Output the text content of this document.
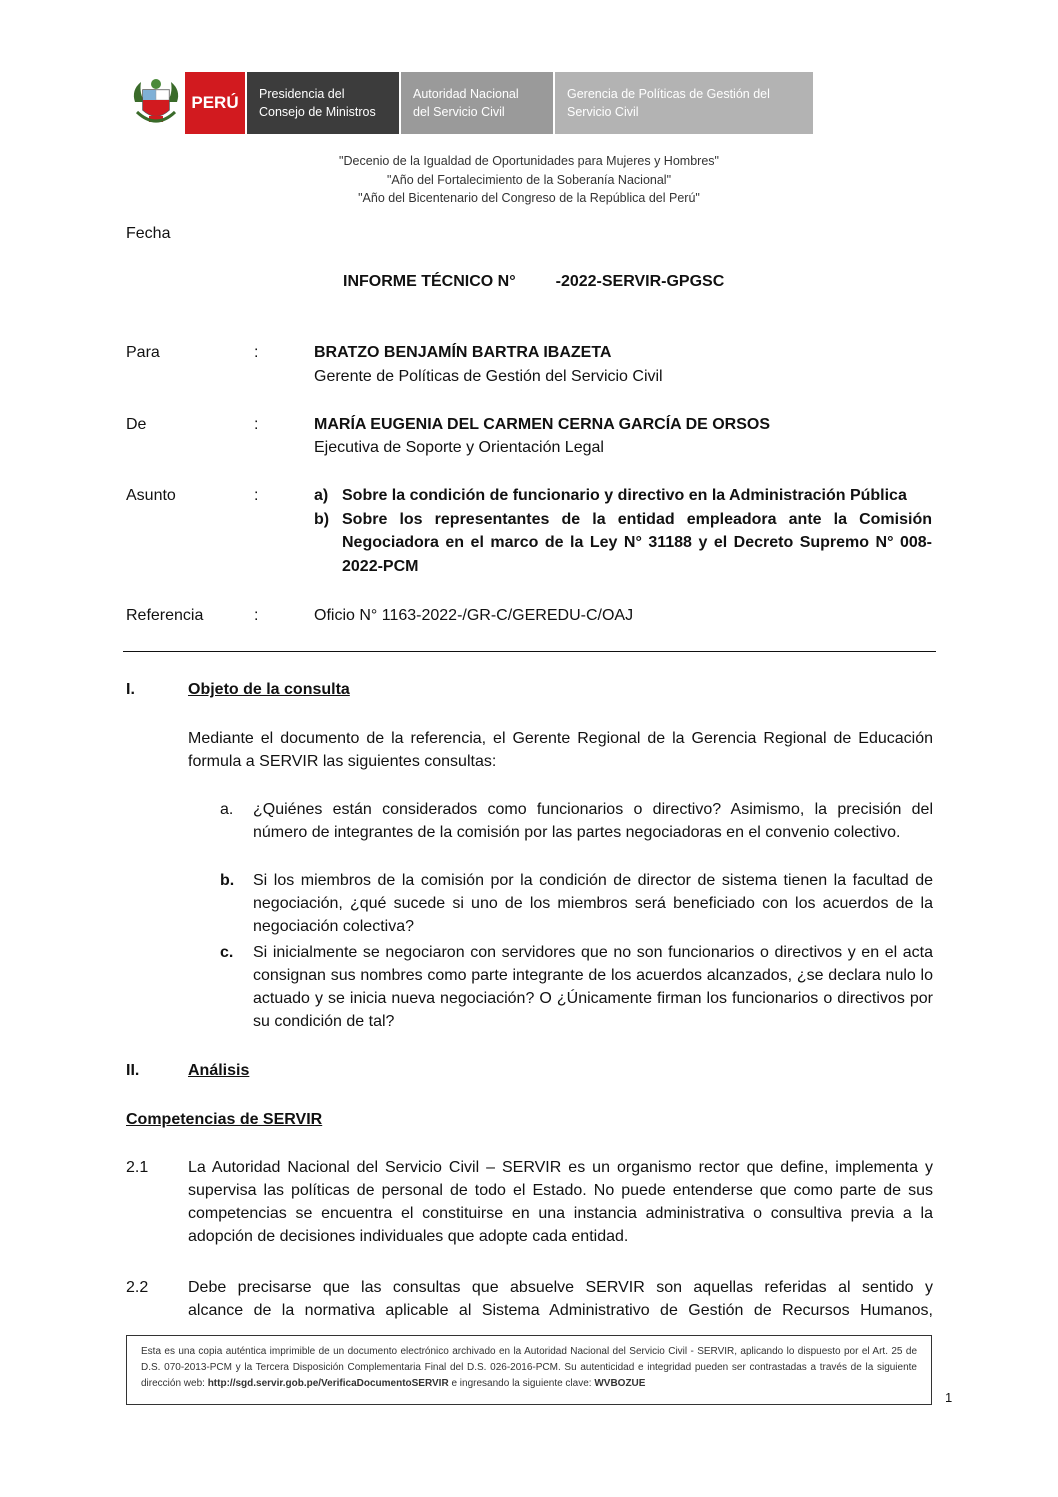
PERÚ	Presidencia del
Consejo de Ministros
Autoridad Nacional
del Servicio Civil
Gerencia de Políticas de Gestión del
Servicio Civil
"Decenio de la Igualdad de Oportunidades para Mujeres y Hombres"
"Año del Fortalecimiento de la Soberanía Nacional"
"Año del Bicentenario del Congreso de la República del Perú"
Fecha
INFORME TÉCNICO N°	-2022-SERVIR-GPGSC
Para	:	BRATZO BENJAMÍN BARTRA IBAZETA
Gerente de Políticas de Gestión del Servicio Civil
De	:	MARÍA EUGENIA DEL CARMEN CERNA GARCÍA DE ORSOS
Ejecutiva de Soporte y Orientación Legal
Asunto	:	a) Sobre la condición de funcionario y directivo en la Administración Pública
b) Sobre los representantes de la entidad empleadora ante la Comisión
Negociadora en el marco de la Ley N° 31188 y el Decreto Supremo N° 008-
2022-PCM
Referencia	:	Oficio N° 1163-2022-/GR-C/GEREDU-C/OAJ
I.	Objeto de la consulta
Mediante el documento de la referencia, el Gerente Regional de la Gerencia Regional de Educación formula a SERVIR las siguientes consultas:
a. ¿Quiénes están considerados como funcionarios o directivo? Asimismo, la precisión del número de integrantes de la comisión por las partes negociadoras en el convenio colectivo.
b. Si los miembros de la comisión por la condición de director de sistema tienen la facultad de negociación, ¿qué sucede si uno de los miembros será beneficiado con los acuerdos de la negociación colectiva?
c. Si inicialmente se negociaron con servidores que no son funcionarios o directivos y en el acta consignan sus nombres como parte integrante de los acuerdos alcanzados, ¿se declara nulo lo actuado y se inicia nueva negociación? O ¿Únicamente firman los funcionarios o directivos por su condición de tal?
II.	Análisis
Competencias de SERVIR
2.1 La Autoridad Nacional del Servicio Civil – SERVIR es un organismo rector que define, implementa y supervisa las políticas de personal de todo el Estado. No puede entenderse que como parte de sus competencias se encuentra el constituirse en una instancia administrativa o consultiva previa a la adopción de decisiones individuales que adopte cada entidad.
2.2 Debe precisarse que las consultas que absuelve SERVIR son aquellas referidas al sentido y
alcance de la normativa aplicable al Sistema Administrativo de Gestión de Recursos Humanos,
Esta es una copia auténtica imprimible de un documento electrónico archivado en la Autoridad Nacional del Servicio Civil - SERVIR, aplicando lo dispuesto por el Art. 25 de D.S. 070-2013-PCM y la Tercera Disposición Complementaria Final del D.S. 026-2016-PCM. Su autenticidad e integridad pueden ser contrastadas a través de la siguiente dirección web: http://sgd.servir.gob.pe/VerificaDocumentoSERVIR e ingresando la siguiente clave: WVBOZUE
1
